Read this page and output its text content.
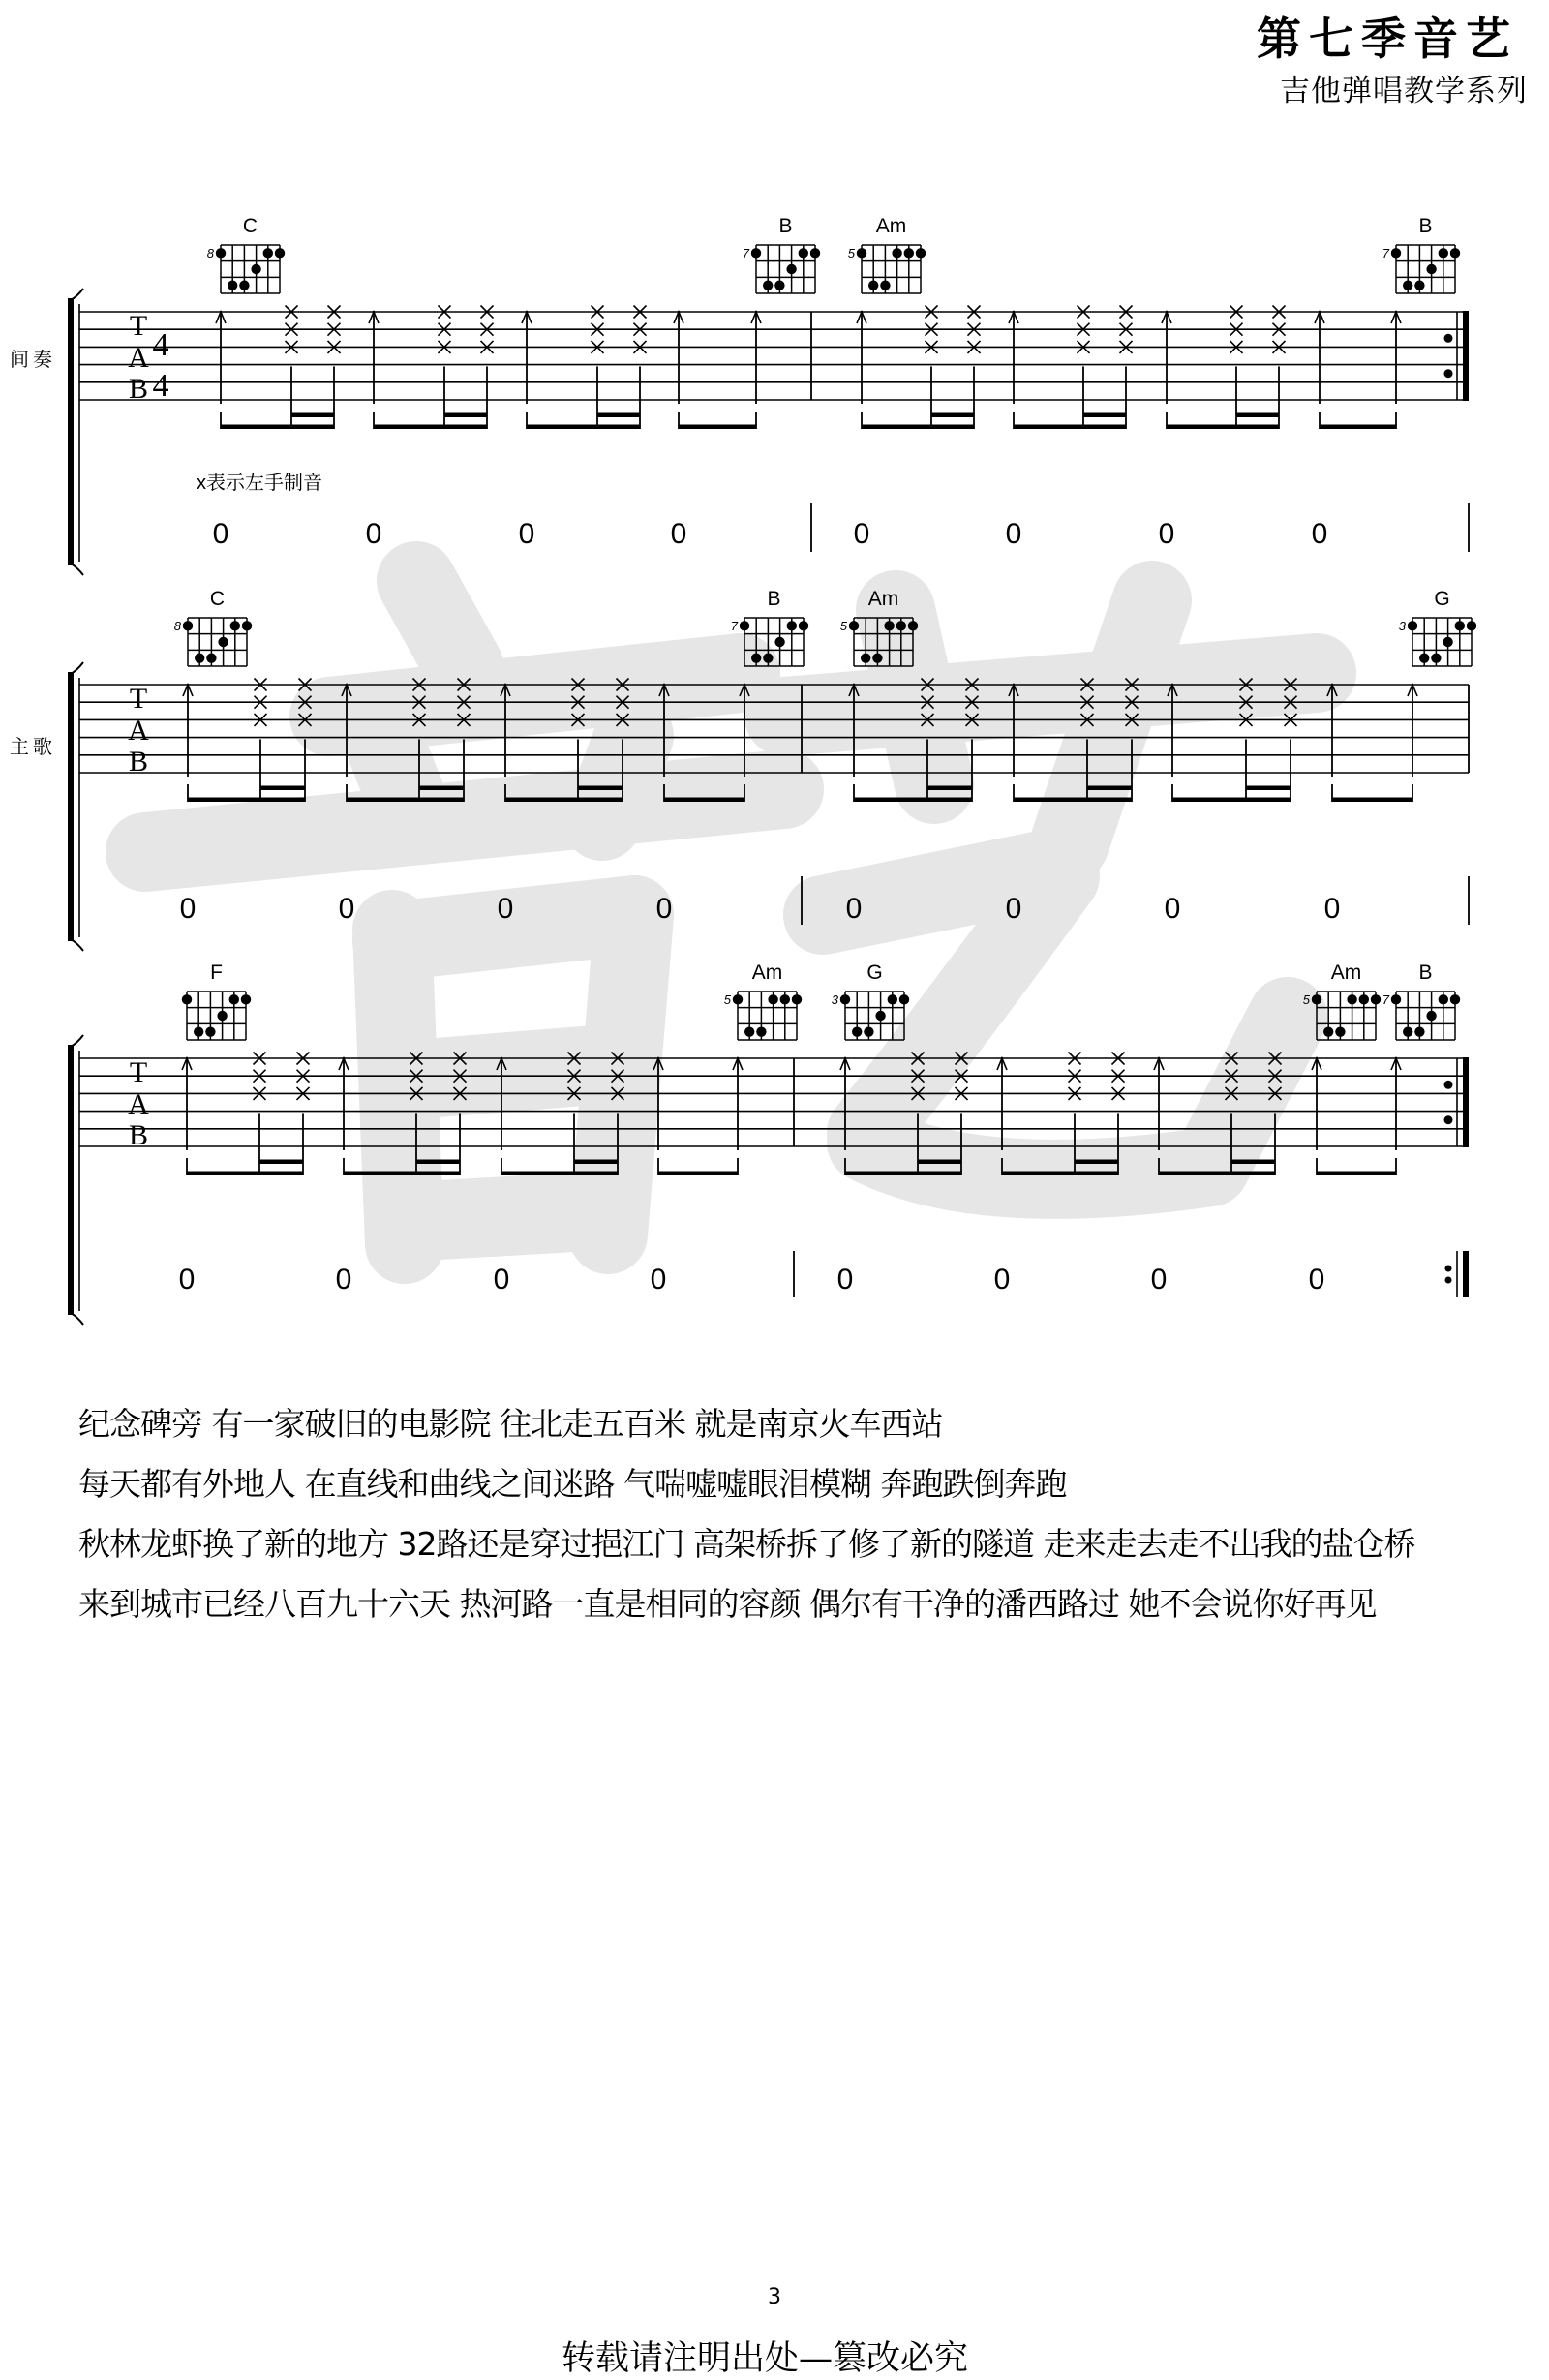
第七季音艺
吉他弹唱教学系列
间奏
T
A
B
4
4
x表示左手制音
0	0	0	0	0	0	0	0
C
8
B
7
Am
5
B
7
主歌
T
A
B
0	0	0	0	0	0	0	0
C
8
B
7
Am
5
G
3
T
A
B
0	0	0	0	0	0	0	0
F	Am
5
G
3
Am
5
B
7
纪念碑旁 有一家破旧的电影院 往北走五百米 就是南京火车西站
每天都有外地人 在直线和曲线之间迷路 气喘嘘嘘眼泪模糊 奔跑跌倒奔跑
秋林龙虾换了新的地方 32路还是穿过挹江门 高架桥拆了修了新的隧道 走来走去走不出我的盐仓桥
来到城市已经八百九十六天 热河路一直是相同的容颜 偶尔有干净的潘西路过 她不会说你好再见
3
转载请注明出处—篡改必究
